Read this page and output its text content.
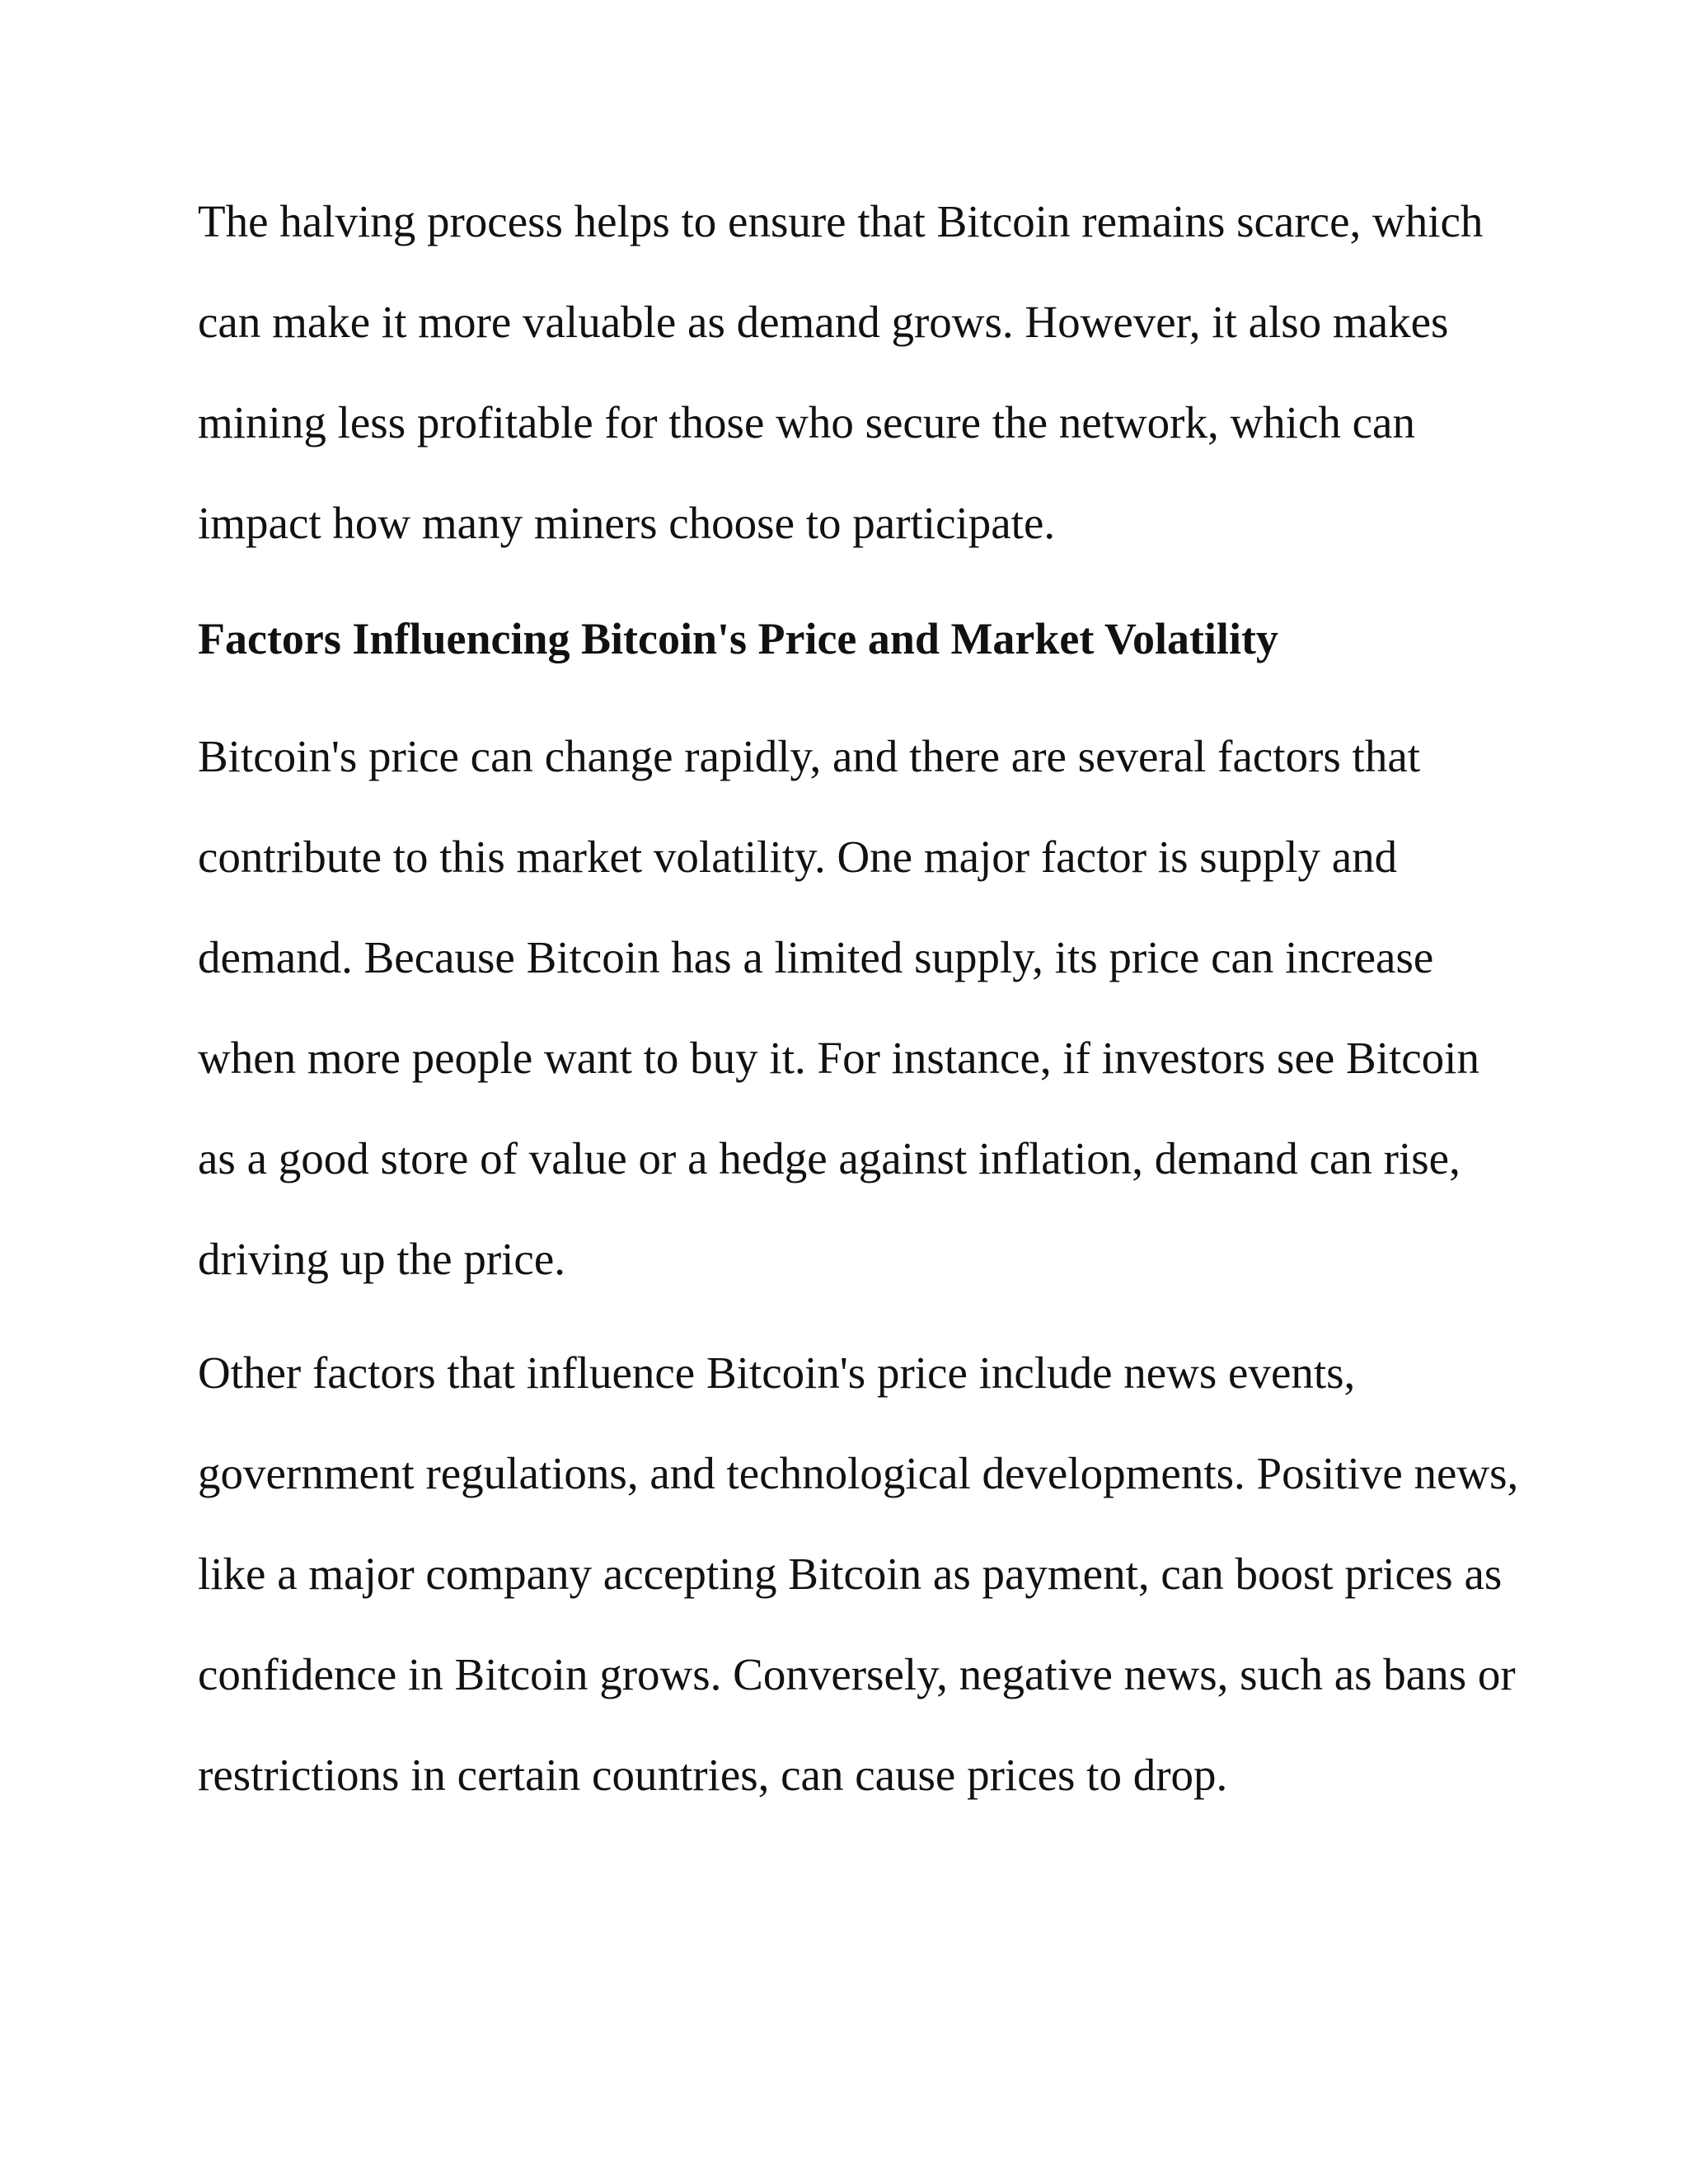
The halving process helps to ensure that Bitcoin remains scarce, which

can make it more valuable as demand grows. However, it also makes

mining less profitable for those who secure the network, which can

impact how many miners choose to participate.

Factors Influencing Bitcoin's Price and Market Volatility

Bitcoin's price can change rapidly, and there are several factors that

contribute to this market volatility. One major factor is supply and

demand. Because Bitcoin has a limited supply, its price can increase

when more people want to buy it. For instance, if investors see Bitcoin

as a good store of value or a hedge against inflation, demand can rise,

driving up the price.

Other factors that influence Bitcoin's price include news events,

government regulations, and technological developments. Positive news,

like a major company accepting Bitcoin as payment, can boost prices as

confidence in Bitcoin grows. Conversely, negative news, such as bans or

restrictions in certain countries, can cause prices to drop.
